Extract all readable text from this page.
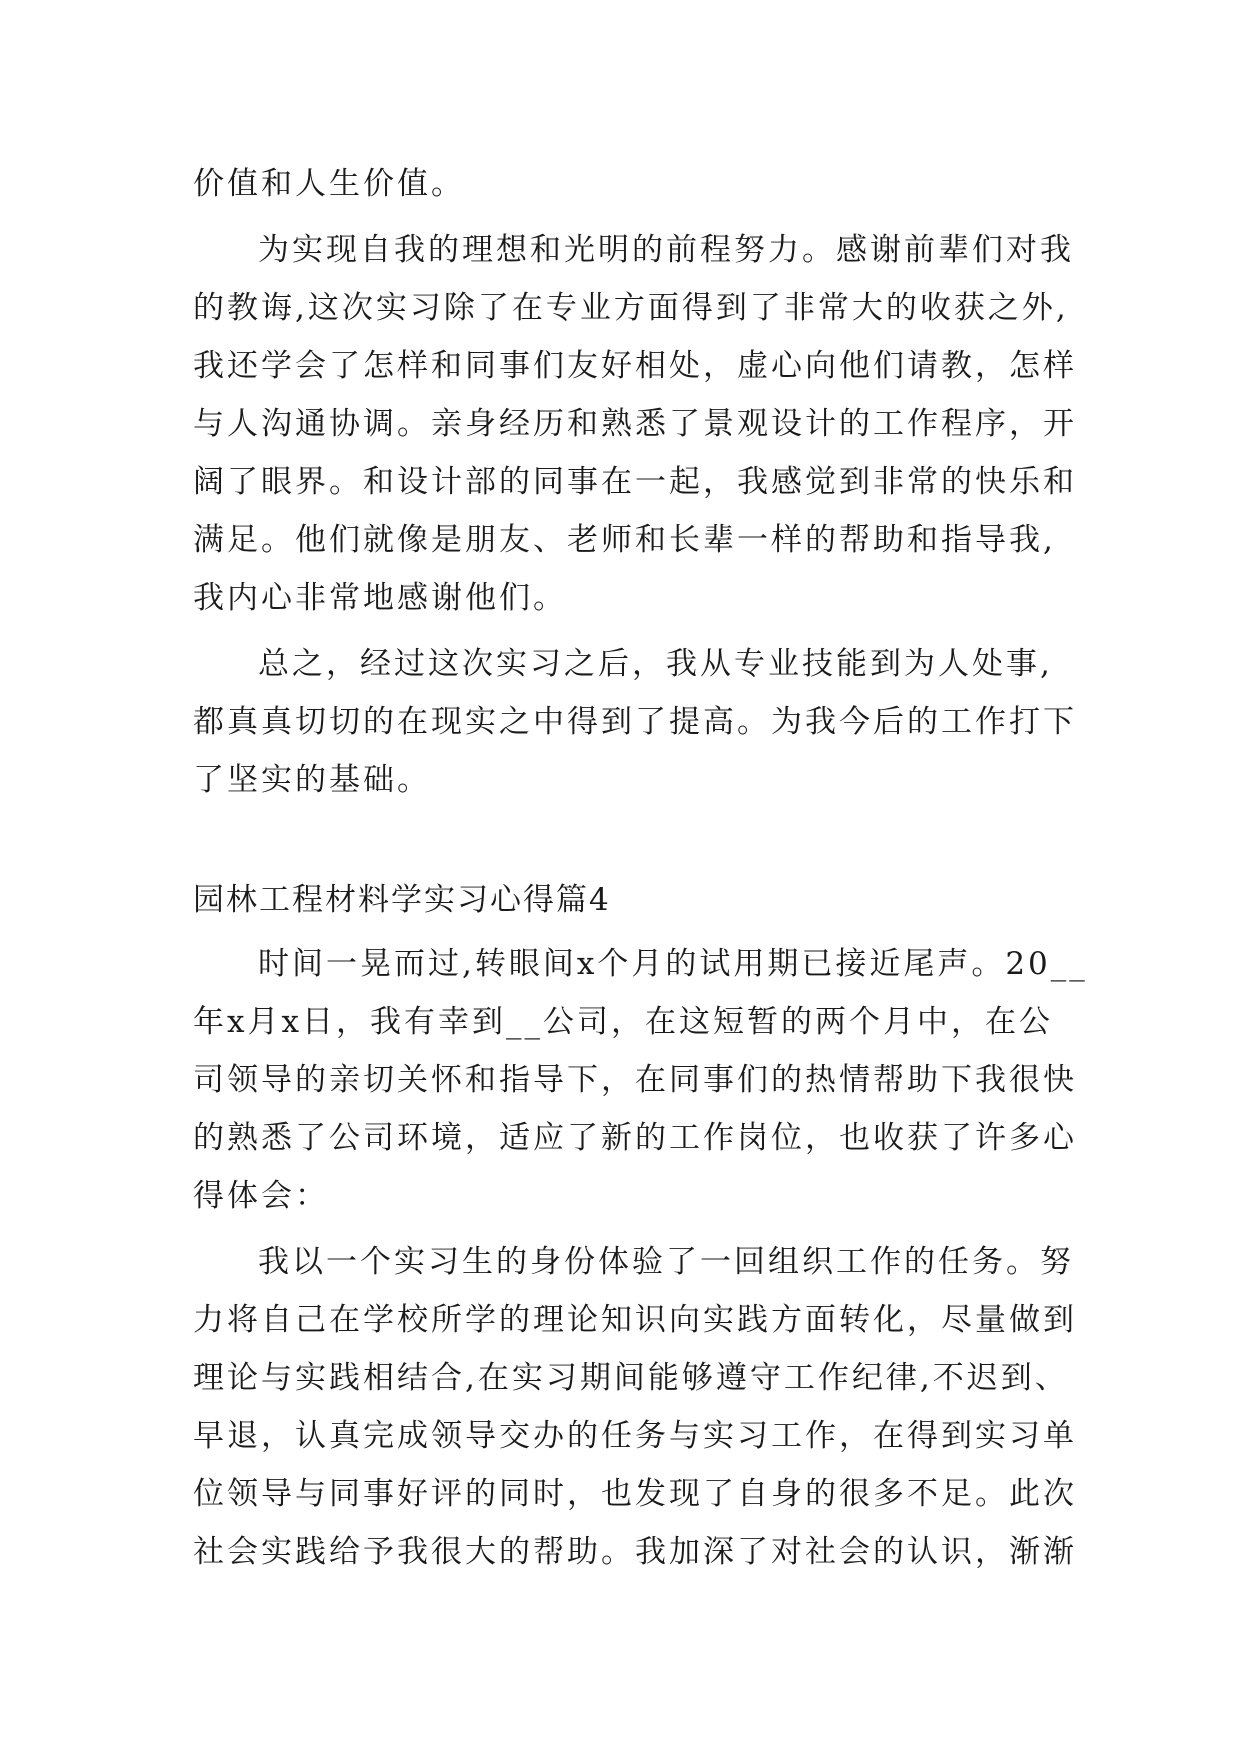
价值和人生价值。
为实现自我的理想和光明的前程努力。感谢前辈们对我
的教诲,这次实习除了在专业方面得到了非常大的收获之外,
我还学会了怎样和同事们友好相处，虚心向他们请教，怎样
与人沟通协调。亲身经历和熟悉了景观设计的工作程序，开
阔了眼界。和设计部的同事在一起，我感觉到非常的快乐和
满足。他们就像是朋友、老师和长辈一样的帮助和指导我,
我内心非常地感谢他们。
总之，经过这次实习之后，我从专业技能到为人处事,
都真真切切的在现实之中得到了提高。为我今后的工作打下
了坚实的基础。
园林工程材料学实习心得篇4
时间一晃而过,转眼间x个月的试用期已接近尾声。20__
年x月x日，我有幸到__公司，在这短暂的两个月中，在公
司领导的亲切关怀和指导下，在同事们的热情帮助下我很快
的熟悉了公司环境，适应了新的工作岗位，也收获了许多心
得体会：
我以一个实习生的身份体验了一回组织工作的任务。努
力将自己在学校所学的理论知识向实践方面转化，尽量做到
理论与实践相结合,在实习期间能够遵守工作纪律,不迟到、
早退，认真完成领导交办的任务与实习工作，在得到实习单
位领导与同事好评的同时，也发现了自身的很多不足。此次
社会实践给予我很大的帮助。我加深了对社会的认识，渐渐
